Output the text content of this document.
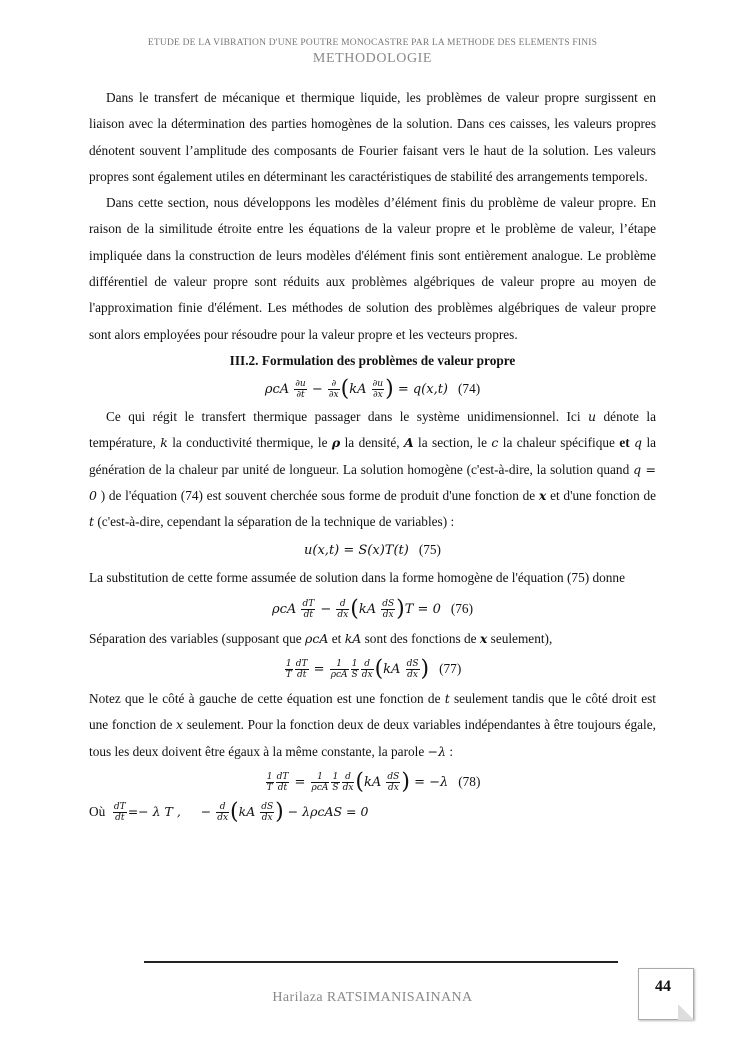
ETUDE DE LA VIBRATION D'UNE POUTRE MONOCASTRE PAR LA METHODE DES ELEMENTS FINIS
METHODOLOGIE

Dans le transfert de mécanique et thermique liquide, les problèmes de valeur propre surgissent en liaison avec la détermination des parties homogènes de la solution. Dans ces caisses, les valeurs propres dénotent souvent l’amplitude des composants de Fourier faisant vers le haut de la solution. Les valeurs propres sont également utiles en déterminant les caractéristiques de stabilité des arrangements temporels.

Dans cette section, nous développons les modèles d’élément finis du problème de valeur propre. En raison de la similitude étroite entre les équations de la valeur propre et le problème de valeur, l’étape impliquée dans la construction de leurs modèles d'élément finis sont entièrement analogue. Le problème différentiel de valeur propre sont réduits aux problèmes algébriques de valeur propre au moyen de l'approximation finie d'élément. Les méthodes de solution des problèmes algébriques de valeur propre sont alors employées pour résoudre pour la valeur propre et les vecteurs propres.

III.2. Formulation des problèmes de valeur propre

ρcA $\frac{\partial u}{\partial t} - \frac{\partial}{\partial x} (kA \frac{\partial u}{\partial x}$ ) = q(x,t) (74)

Ce qui régit le transfert thermique passager dans le système unidimensionnel. Ici u dénote la température, k la conductivité thermique, le ρ la densité, A la section, le c la chaleur spécifique et q la génération de la chaleur par unité de longueur. La solution homogène (c'est-à-dire, la solution quand q = 0 ) de l'équation (74) est souvent cherchée sous forme de produit d'une fonction de x et d'une fonction de t (c'est-à-dire, cependant la séparation de la technique de variables) :

u(x,t) = S(x)T(t) (75)

La substitution de cette forme assumée de solution dans la forme homogène de l'équation (75) donne

ρcA $\frac{dT}{dt} - \frac{d}{dx} (kA \frac{dS}{dx} )T = 0$ (76)

Séparation des variables (supposant que ρcA et kA sont des fonctions de x seulement),

$\frac{1}{T} \frac{dT}{dt} = \frac{1}{\text{ρcA}} \frac{1}{S} \frac{d}{dx} (kA \frac{dS}{dx}$ ) (77)

Notez que le côté à gauche de cette équation est une fonction de t seulement tandis que le côté droit est une fonction de x seulement. Pour la fonction deux de deux variables indépendantes à être toujours égale, tous les deux doivent être égaux à la même constante, la parole −λ :

$\frac{1}{T} \frac{dT}{dt} = \frac{1}{\text{ρcA}} \frac{1}{S} \frac{d}{dx} (kA \frac{dS}{dx}$ ) = −λ (78)

Où $\frac{dT}{dt} =- \lambda$ T , − $\frac{d}{dx} (kA \frac{dS}{dx}$ ) − λρcAS = 0

Harilaza RATSIMANISAINANA
44
